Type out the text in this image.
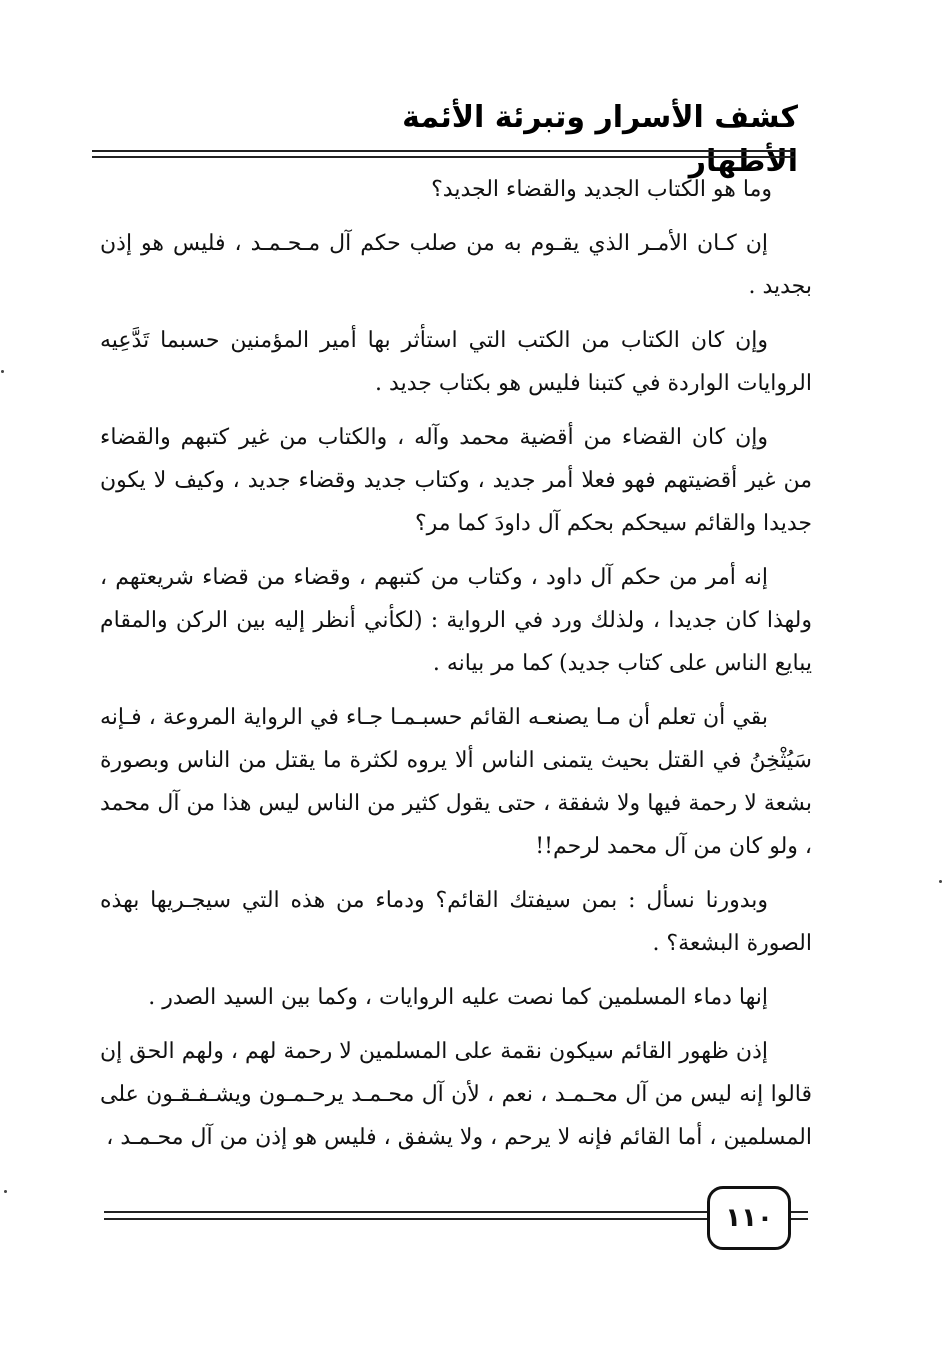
كشف الأسرار وتبرئة الأئمة الأطهار

وما هو الكتاب الجديد والقضاء الجديد؟

إن كـان الأمـر الذي يقـوم به من صلب حكم آل مـحـمـد ، فليس هو إذن بجديد .

وإن كان الكتاب من الكتب التي استأثر بها أمير المؤمنين حسبما تَدَّعِيه الروايات الواردة في كتبنا فليس هو بكتاب جديد .

وإن كان القضاء من أقضية محمد وآله ، والكتاب من غير كتبهم والقضاء من غير أقضيتهم فهو فعلا أمر جديد ، وكتاب جديد وقضاء جديد ، وكيف لا يكون جديدا والقائم سيحكم بحكم آل داودَ كما مر؟

إنه أمر من حكم آل داود ، وكتاب من كتبهم ، وقضاء من قضاء شريعتهم ، ولهذا كان جديدا ، ولذلك ورد في الرواية : (لكأني أنظر إليه بين الركن والمقام يبايع الناس على كتاب جديد) كما مر بيانه .

بقي أن تعلم أن مـا يصنعـه القائم حسبـمـا جـاء في الرواية المروعة ، فـإنه سَيُثْخِنُ في القتل بحيث يتمنى الناس ألا يروه لكثرة ما يقتل من الناس وبصورة بشعة لا رحمة فيها ولا شفقة ، حتى يقول كثير من الناس ليس هذا من آل محمد ، ولو كان من آل محمد لرحم!!

وبدورنا نسأل : بمن سيفتك القائم؟ ودماء من هذه التي سيجـريها بهذه الصورة البشعة؟ .

إنها دماء المسلمين كما نصت عليه الروايات ، وكما بين السيد الصدر .

إذن ظهور القائم سيكون نقمة على المسلمين لا رحمة لهم ، ولهم الحق إن قالوا إنه ليس من آل محـمـد ، نعم ، لأن آل محـمـد يرحـمـون ويشـفـقـون على المسلمين ، أما القائم فإنه لا يرحم ، ولا يشفق ، فليس هو إذن من آل محـمـد ،

١١٠
